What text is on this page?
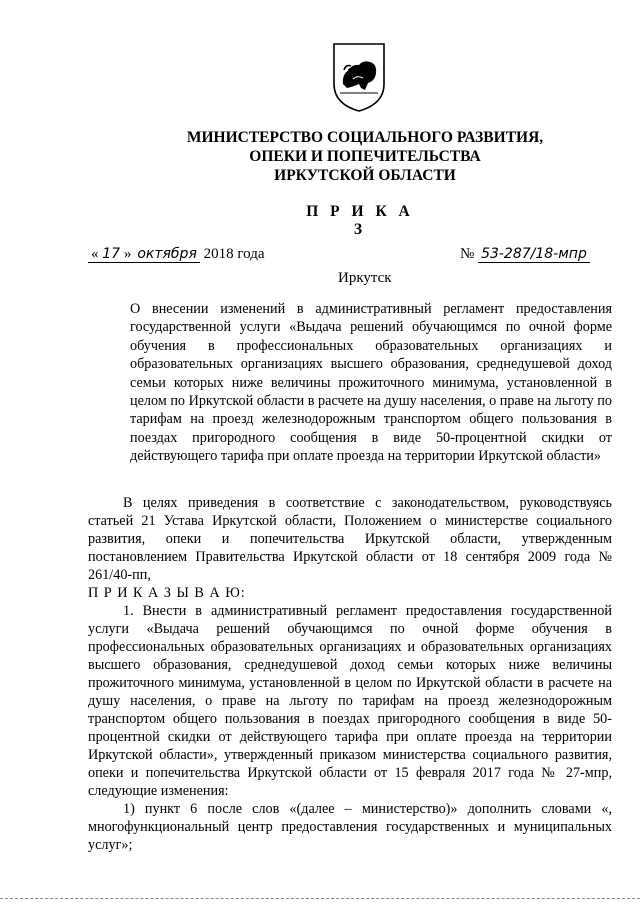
МИНИСТЕРСТВО СОЦИАЛЬНОГО РАЗВИТИЯ,
ОПЕКИ И ПОПЕЧИТЕЛЬСТВА
ИРКУТСКОЙ ОБЛАСТИ
П Р И К А З
« 17 » октября 2018 года	№ 53-287/18-мпр
Иркутск
О внесении изменений в административный регламент предоставления государственной услуги «Выдача решений обучающимся по очной форме обучения в профессиональных образовательных организациях и образовательных организациях высшего образования, среднедушевой доход семьи которых ниже величины прожиточного минимума, установленной в целом по Иркутской области в расчете на душу населения, о праве на льготу по тарифам на проезд железнодорожным транспортом общего пользования в поездах пригородного сообщения в виде 50-процентной скидки от действующего тарифа при оплате проезда на территории Иркутской области»

В целях приведения в соответствие с законодательством, руководствуясь статьей 21 Устава Иркутской области, Положением о министерстве социального развития, опеки и попечительства Иркутской области, утвержденным постановлением Правительства Иркутской области от 18 сентября 2009 года № 261/40-пп,

П Р И К А З Ы В А Ю:

1. Внести в административный регламент предоставления государственной услуги «Выдача решений обучающимся по очной форме обучения в профессиональных образовательных организациях и образовательных организациях высшего образования, среднедушевой доход семьи которых ниже величины прожиточного минимума, установленной в целом по Иркутской области в расчете на душу населения, о праве на льготу по тарифам на проезд железнодорожным транспортом общего пользования в поездах пригородного сообщения в виде 50-процентной скидки от действующего тарифа при оплате проезда на территории Иркутской области», утвержденный приказом министерства социального развития, опеки и попечительства Иркутской области от 15 февраля 2017 года № 27-мпр, следующие изменения:

1) пункт 6 после слов «(далее – министерство)» дополнить словами «, многофункциональный центр предоставления государственных и муниципальных услуг»;
